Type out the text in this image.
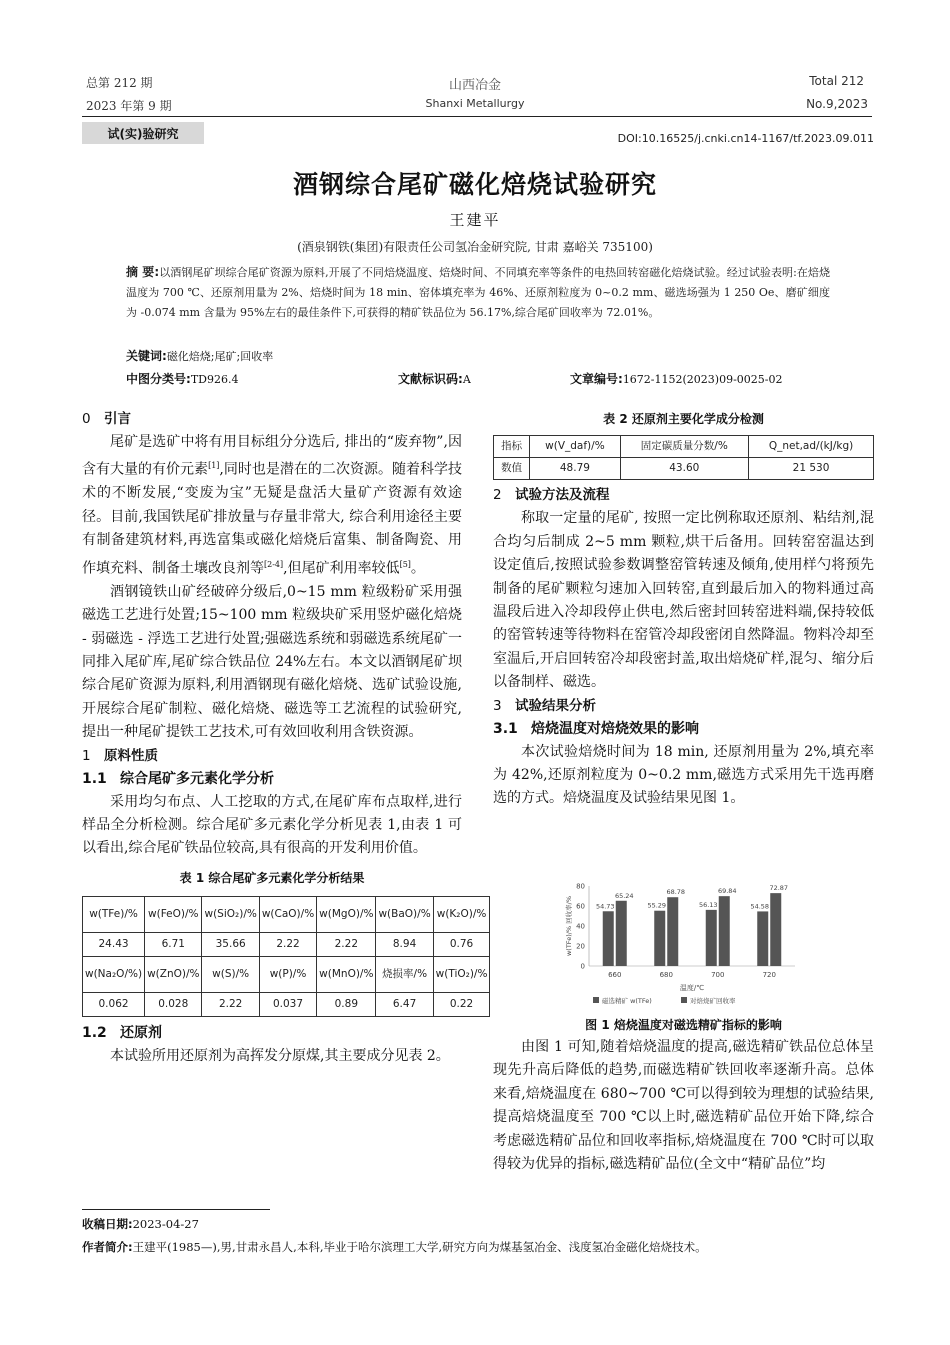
总第 212 期
2023 年第 9 期
山西冶金
Shanxi Metallurgy
Total 212
No.9,2023
试(实)验研究	DOI:10.16525/j.cnki.cn14-1167/tf.2023.09.011
酒钢综合尾矿磁化焙烧试验研究
王建平
(酒泉钢铁(集团)有限责任公司氢冶金研究院, 甘肃 嘉峪关 735100)
摘 要:以酒钢尾矿坝综合尾矿资源为原料,开展了不同焙烧温度、焙烧时间、不同填充率等条件的电热回转窑磁化焙烧试验。经过试验表明:在焙烧温度为 700 ℃、还原剂用量为 2%、焙烧时间为 18 min、窑体填充率为 46%、还原剂粒度为 0~0.2 mm、磁选场强为 1 250 Oe、磨矿细度为 -0.074 mm 含量为 95%左右的最佳条件下,可获得的精矿铁品位为 56.17%,综合尾矿回收率为 72.01%。
关键词:磁化焙烧;尾矿;回收率
中图分类号:TD926.4	文献标识码:A	文章编号:1672-1152(2023)09-0025-02
0 引言

尾矿是选矿中将有用目标组分分选后, 排出的“废弃物”,因含有大量的有价元素[1],同时也是潜在的二次资源。随着科学技术的不断发展,“变废为宝”无疑是盘活大量矿产资源有效途径。目前,我国铁尾矿排放量与存量非常大, 综合利用途径主要有制备建筑材料,再选富集或磁化焙烧后富集、制备陶瓷、用作填充料、制备土壤改良剂等[2-4],但尾矿利用率较低[5]。

酒钢镜铁山矿经破碎分级后,0~15 mm 粒级粉矿采用强磁选工艺进行处置;15~100 mm 粒级块矿采用竖炉磁化焙烧 - 弱磁选 - 浮选工艺进行处置;强磁选系统和弱磁选系统尾矿一同排入尾矿库,尾矿综合铁品位 24%左右。本文以酒钢尾矿坝综合尾矿资源为原料,利用酒钢现有磁化焙烧、选矿试验设施,开展综合尾矿制粒、磁化焙烧、磁选等工艺流程的试验研究,提出一种尾矿提铁工艺技术,可有效回收利用含铁资源。

1 原料性质
1.1 综合尾矿多元素化学分析

采用均匀布点、人工挖取的方式,在尾矿库布点取样,进行样品全分析检测。综合尾矿多元素化学分析见表 1,由表 1 可以看出,综合尾矿铁品位较高,具有很高的开发利用价值。

表 1 综合尾矿多元素化学分析结果
w(TFe)/%	w(FeO)/%	w(SiO₂)/%	w(CaO)/%	w(MgO)/%	w(BaO)/%	w(K₂O)/%
24.43	6.71	35.66	2.22	2.22	8.94	0.76
w(Na₂O/%)	w(ZnO)/%	w(S)/%	w(P)/%	w(MnO)/%	烧损率/%	w(TiO₂)/%
0.062	0.028	2.22	0.037	0.89	6.47	0.22
1.2 还原剂

本试验所用还原剂为高挥发分原煤,其主要成分见表 2。

表 2 还原剂主要化学成分检测
指标	w(V_daf)/%	固定碳质量分数/%	Q_net,ad/(kJ/kg)
数值	48.79	43.60	21 530
2 试验方法及流程

称取一定量的尾矿, 按照一定比例称取还原剂、粘结剂,混合均匀后制成 2~5 mm 颗粒,烘干后备用。回转窑窑温达到设定值后,按照试验参数调整窑管转速及倾角,使用样勺将预先制备的尾矿颗粒匀速加入回转窑,直到最后加入的物料通过高温段后进入冷却段停止供电,然后密封回转窑进料端,保持较低的窑管转速等待物料在窑管冷却段密闭自然降温。物料冷却至室温后,开启回转窑冷却段密封盖,取出焙烧矿样,混匀、缩分后以备制样、磁选。

3 试验结果分析
3.1 焙烧温度对焙烧效果的影响

本次试验焙烧时间为 18 min, 还原剂用量为 2%,填充率为 42%,还原剂粒度为 0~0.2 mm,磁选方式采用先干选再磨选的方式。焙烧温度及试验结果见图 1。

0
20
40
60
80
w(TFe)/% 回收率/%	54.73
65.24
660
55.29
68.78
680
56.13
69.84
700
54.58
72.87
720
温度/℃
磁选精矿 w(TFe)	对焙烧矿回收率
图 1 焙烧温度对磁选精矿指标的影响

由图 1 可知,随着焙烧温度的提高,磁选精矿铁品位总体呈现先升高后降低的趋势,而磁选精矿铁回收率逐渐升高。总体来看,焙烧温度在 680~700 ℃可以得到较为理想的试验结果,提高焙烧温度至 700 ℃以上时,磁选精矿品位开始下降,综合考虑磁选精矿品位和回收率指标,焙烧温度在 700 ℃时可以取得较为优异的指标,磁选精矿品位(全文中“精矿品位”均

收稿日期:2023-04-27
作者简介:王建平(1985—),男,甘肃永昌人,本科,毕业于哈尔滨理工大学,研究方向为煤基氢冶金、浅度氢冶金磁化焙烧技术。
